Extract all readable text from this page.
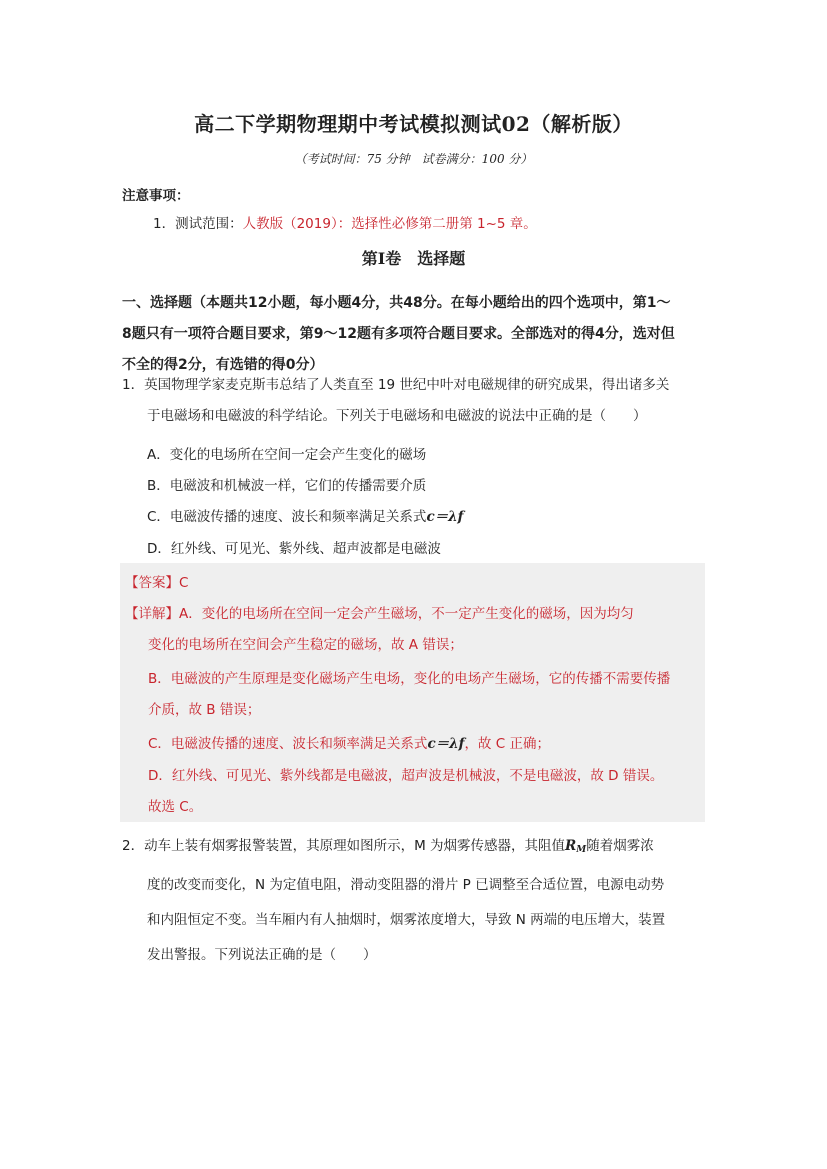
高二下学期物理期中考试模拟测试02（解析版）
（考试时间：75 分钟　试卷满分：100 分）
注意事项：
1．测试范围：人教版（2019）：选择性必修第二册第 1~5 章。
第Ⅰ卷 选择题
一、选择题（本题共12小题，每小题4分，共48分。在每小题给出的四个选项中，第1～
8题只有一项符合题目要求，第9～12题有多项符合题目要求。全部选对的得4分，选对但
不全的得2分，有选错的得0分）
1．英国物理学家麦克斯韦总结了人类直至 19 世纪中叶对电磁规律的研究成果，得出诸多关
于电磁场和电磁波的科学结论。下列关于电磁场和电磁波的说法中正确的是（　　）
A．变化的电场所在空间一定会产生变化的磁场
B．电磁波和机械波一样，它们的传播需要介质
C．电磁波传播的速度、波长和频率满足关系式c＝λf
D．红外线、可见光、紫外线、超声波都是电磁波
【答案】C
【详解】A．变化的电场所在空间一定会产生磁场，不一定产生变化的磁场，因为均匀
变化的电场所在空间会产生稳定的磁场，故 A 错误；
B．电磁波的产生原理是变化磁场产生电场，变化的电场产生磁场，它的传播不需要传播
介质，故 B 错误；
C．电磁波传播的速度、波长和频率满足关系式c＝λf，故 C 正确；
D．红外线、可见光、紫外线都是电磁波，超声波是机械波，不是电磁波，故 D 错误。
故选 C。
2．动车上装有烟雾报警装置，其原理如图所示，M 为烟雾传感器，其阻值RM随着烟雾浓
度的改变而变化，N 为定值电阻，滑动变阻器的滑片 P 已调整至合适位置，电源电动势
和内阻恒定不变。当车厢内有人抽烟时，烟雾浓度增大，导致 N 两端的电压增大，装置
发出警报。下列说法正确的是（　　）
